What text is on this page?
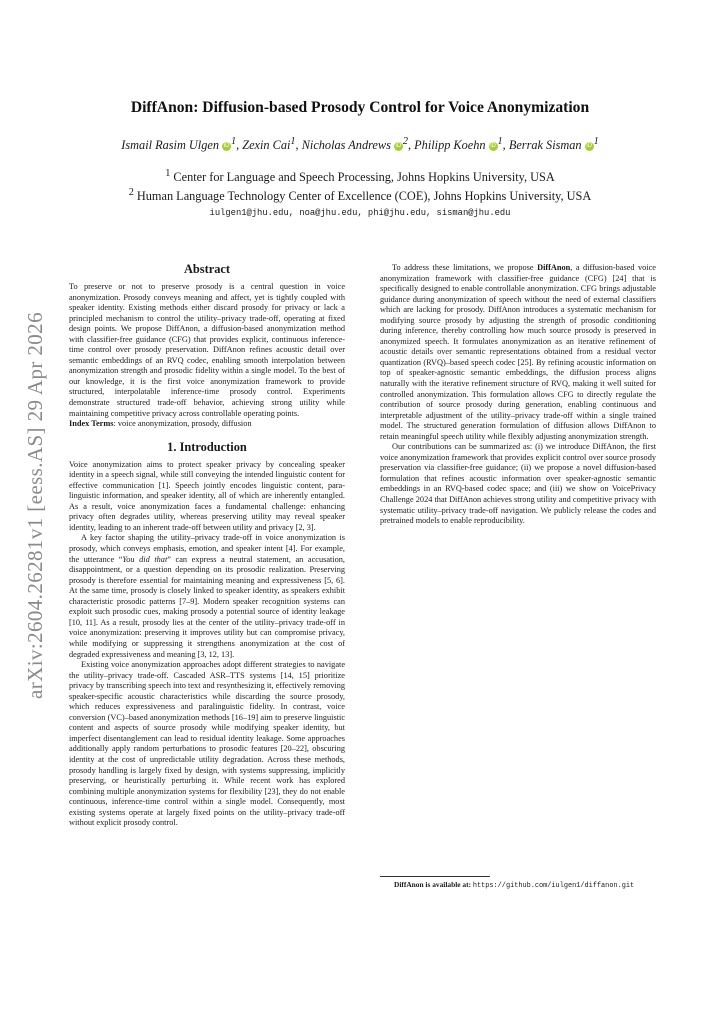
arXiv:2604.26281v1 [eess.AS] 29 Apr 2026
DiffAnon: Diffusion-based Prosody Control for Voice Anonymization
Ismail Rasim Ulgen iD $^1$, Zexin Cai$^1$, Nicholas Andrews iD $^2$, Philipp Koehn iD $^1$, Berrak Sisman iD $^1$
$^1$ Center for Language and Speech Processing, Johns Hopkins University, USA
$^2$ Human Language Technology Center of Excellence (COE), Johns Hopkins University, USA
iulgen1@jhu.edu, noa@jhu.edu, phi@jhu.edu, sisman@jhu.edu
Abstract

To preserve or not to preserve prosody is a central question in voice anonymization. Prosody conveys meaning and affect, yet is tightly coupled with speaker identity. Existing methods either discard prosody for privacy or lack a principled mechanism to control the utility–privacy trade-off, operating at fixed design points. We propose DiffAnon, a diffusion-based anonymization method with classifier-free guidance (CFG) that provides explicit, continuous inference-time control over prosody preservation. DiffAnon refines acoustic detail over semantic embeddings of an RVQ codec, enabling smooth interpolation between anonymization strength and prosodic fidelity within a single model. To the best of our knowledge, it is the first voice anonymization framework to provide structured, interpolatable inference-time prosody control. Experiments demonstrate structured trade-off behavior, achieving strong utility while maintaining competitive privacy across controllable operating points.

Index Terms: voice anonymization, prosody, diffusion

1. Introduction

Voice anonymization aims to protect speaker privacy by concealing speaker identity in a speech signal, while still conveying the intended linguistic content for effective communication [1]. Speech jointly encodes linguistic content, para-linguistic information, and speaker identity, all of which are inherently entangled. As a result, voice anonymization faces a fundamental challenge: enhancing privacy often degrades utility, whereas preserving utility may reveal speaker identity, leading to an inherent trade-off between utility and privacy [2, 3].

A key factor shaping the utility–privacy trade-off in voice anonymization is prosody, which conveys emphasis, emotion, and speaker intent [4]. For example, the utterance “You did that” can express a neutral statement, an accusation, disappointment, or a question depending on its prosodic realization. Preserving prosody is therefore essential for maintaining meaning and expressiveness [5, 6]. At the same time, prosody is closely linked to speaker identity, as speakers exhibit characteristic prosodic patterns [7–9]. Modern speaker recognition systems can exploit such prosodic cues, making prosody a potential source of identity leakage [10, 11]. As a result, prosody lies at the center of the utility–privacy trade-off in voice anonymization: preserving it improves utility but can compromise privacy, while modifying or suppressing it strengthens anonymization at the cost of degraded expressiveness and meaning [3, 12, 13].

Existing voice anonymization approaches adopt different strategies to navigate the utility–privacy trade-off. Cascaded ASR–TTS systems [14, 15] prioritize privacy by transcribing speech into text and resynthesizing it, effectively removing speaker-specific acoustic characteristics while discarding the source prosody, which reduces expressiveness and paralinguistic fidelity. In contrast, voice conversion (VC)–based anonymization methods [16–19] aim to preserve linguistic content and aspects of source prosody while modifying speaker identity, but imperfect disentanglement can lead to residual identity leakage. Some approaches additionally apply random perturbations to prosodic features [20–22], obscuring identity at the cost of unpredictable utility degradation. Across these methods, prosody handling is largely fixed by design, with systems suppressing, implicitly preserving, or heuristically perturbing it. While recent work has explored combining multiple anonymization systems for flexibility [23], they do not enable continuous, inference-time control within a single model. Consequently, most existing systems operate at largely fixed points on the utility–privacy trade-off without explicit prosody control.

To address these limitations, we propose DiffAnon, a diffusion-based voice anonymization framework with classifier-free guidance (CFG) [24] that is specifically designed to enable controllable anonymization. CFG brings adjustable guidance during anonymization of speech without the need of external classifiers which are lacking for prosody. DiffAnon introduces a systematic mechanism for modifying source prosody by adjusting the strength of prosodic conditioning during inference, thereby controlling how much source prosody is preserved in anonymized speech. It formulates anonymization as an iterative refinement of acoustic details over semantic representations obtained from a residual vector quantization (RVQ)–based speech codec [25]. By refining acoustic information on top of speaker-agnostic semantic embeddings, the diffusion process aligns naturally with the iterative refinement structure of RVQ, making it well suited for controlled anonymization. This formulation allows CFG to directly regulate the contribution of source prosody during generation, enabling continuous and interpretable adjustment of the utility–privacy trade-off within a single trained model. The structured generation formulation of diffusion allows DiffAnon to retain meaningful speech utility while flexibly adjusting anonymization strength.

Our contributions can be summarized as: (i) we introduce DiffAnon, the first voice anonymization framework that provides explicit control over source prosody preservation via classifier-free guidance; (ii) we propose a novel diffusion-based formulation that refines acoustic information over speaker-agnostic semantic embeddings in an RVQ-based codec space; and (iii) we show on VoicePrivacy Challenge 2024 that DiffAnon achieves strong utility and competitive privacy with systematic utility–privacy trade-off navigation. We publicly release the codes and pretrained models to enable reproducibility.

DiffAnon is available at: https://github.com/iulgen1/diffanon.git
